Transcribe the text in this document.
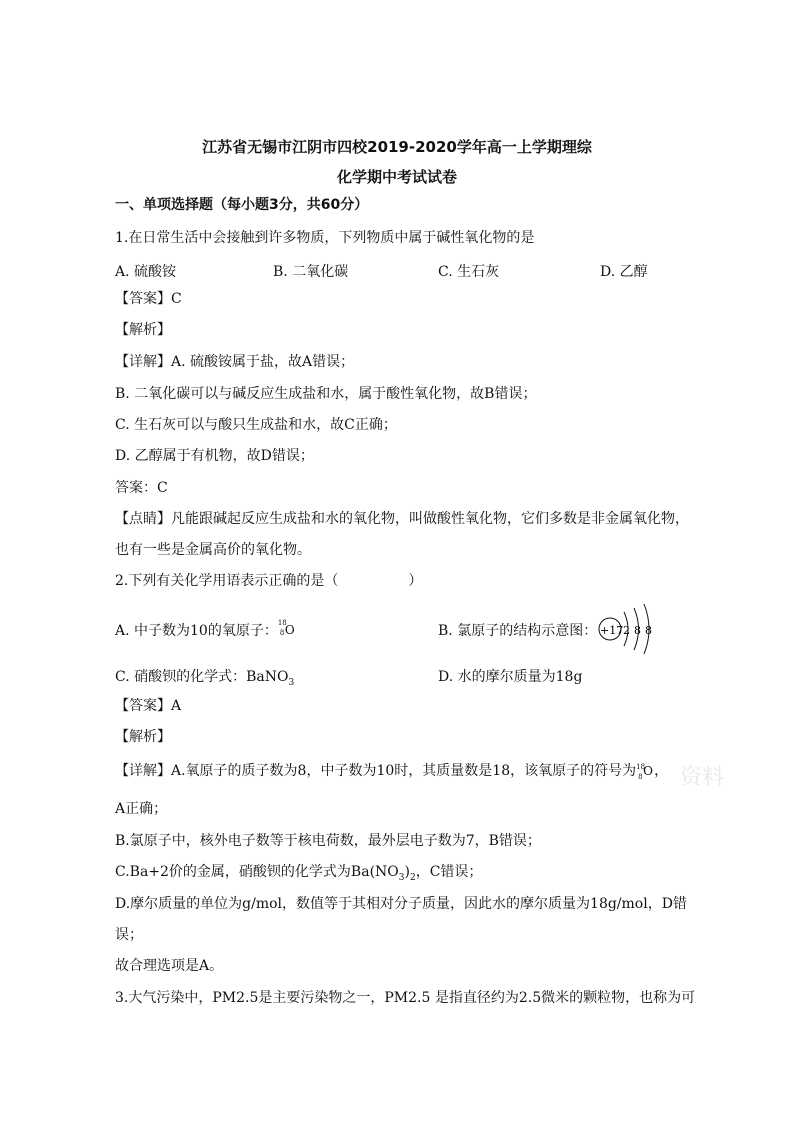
江苏省无锡市江阴市四校2019-2020学年高一上学期理综
化学期中考试试卷
一、单项选择题（每小题3分，共60分）
1.在日常生活中会接触到许多物质，下列物质中属于碱性氧化物的是
A. 硫酸铵	B. 二氧化碳	C. 生石灰	D. 乙醇
【答案】C
【解析】
【详解】A. 硫酸铵属于盐，故A错误；
B. 二氧化碳可以与碱反应生成盐和水，属于酸性氧化物，故B错误；
C. 生石灰可以与酸只生成盐和水，故C正确；
D. 乙醇属于有机物，故D错误；
答案：C
【点睛】凡能跟碱起反应生成盐和水的氧化物，叫做酸性氧化物，它们多数是非金属氧化物，
也有一些是金属高价的氧化物。
2.下列有关化学用语表示正确的是（　　　　　）
A. 中子数为10的氧原子： 18
8 O	B. 氯原子的结构示意图： +17 2 8 8
C. 硝酸钡的化学式：BaNO$_3$	D. 水的摩尔质量为18g
【答案】A
【解析】
【详解】A.氧原子的质子数为8，中子数为10时，其质量数是18，该氧原子的符号为 18
8 O ，
A正确；
B.氯原子中，核外电子数等于核电荷数，最外层电子数为7，B错误；
C.Ba+2价的金属，硝酸钡的化学式为$Ba(NO_3)_2$，C错误；
D.摩尔质量的单位为g/mol，数值等于其相对分子质量，因此水的摩尔质量为18g/mol，D错
误；
故合理选项是A。
3.大气污染中，PM2.5是主要污染物之一，PM2.5 是指直径约为2.5微米的颗粒物，也称为可
资料
